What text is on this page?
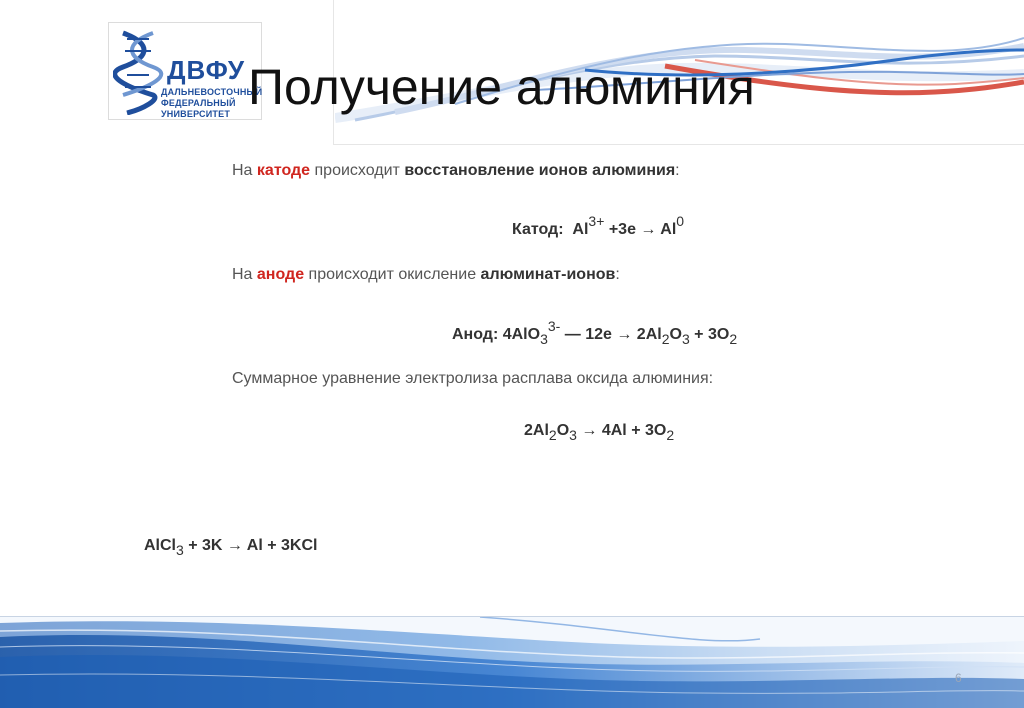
ДВФУ
ДАЛЬНЕВОСТОЧНЫЙ
ФЕДЕРАЛЬНЫЙ
УНИВЕРСИТЕТ Получение алюминия
На катоде происходит восстановление ионов алюминия:
Катод: $Al^{3+} +3e \to Al^0$
На аноде происходит окисление алюминат-ионов:
Анод: 4AlO$_3^{3-}$ — $12e \to 2Al_2O_3 + 3O_2$
Суммарное уравнение электролиза расплава оксида алюминия:
$2Al_2O_3 \to 4Al + 3O_2$
AlCl$_3$ + 3K → Al + 3KCl
6
